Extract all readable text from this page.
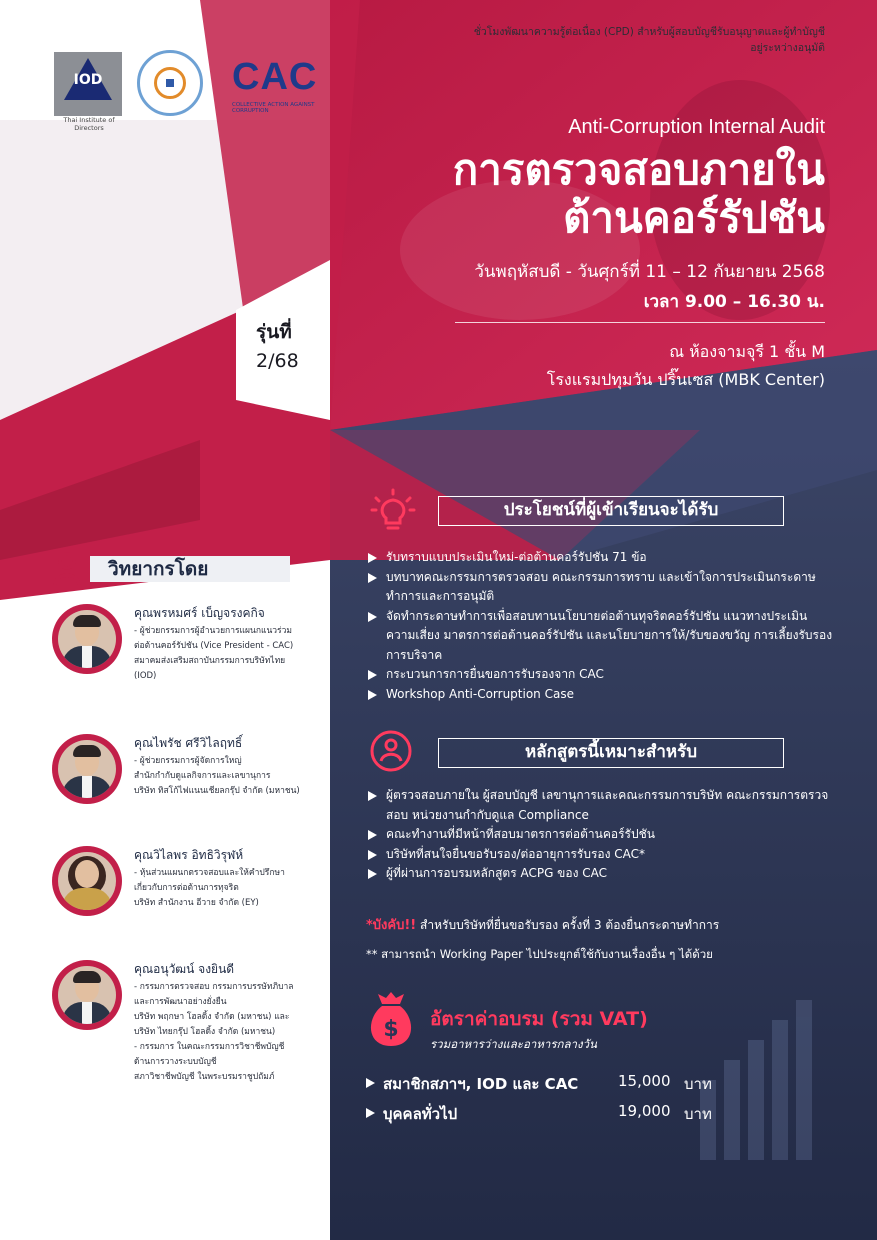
ชั่วโมงพัฒนาความรู้ต่อเนื่อง (CPD) สำหรับผู้สอบบัญชีรับอนุญาตและผู้ทำบัญชี
อยู่ระหว่างอนุมัติ
IOD
Thai Institute of Directors
CAC
COLLECTIVE ACTION AGAINST CORRUPTION
Anti-Corruption Internal Audit
การตรวจสอบภายใน
ต้านคอร์รัปชัน
วันพฤหัสบดี - วันศุกร์ที่ 11 – 12 กันยายน 2568
เวลา 9.00 – 16.30 น.
ณ ห้องจามจุรี 1 ชั้น M
โรงแรมปทุมวัน ปริ๊นเซส (MBK Center)
รุ่นที่
2/68
วิทยากรโดย
คุณพรหมศร์ เบ็ญจรงคกิจ
- ผู้ช่วยกรรมการผู้อำนวยการแผนกแนวร่วม
ต่อต้านคอร์รัปชัน (Vice President - CAC)
สมาคมส่งเสริมสถาบันกรรมการบริษัทไทย
(IOD)
คุณไพรัช ศรีวิไลฤทธิ์
- ผู้ช่วยกรรมการผู้จัดการใหญ่
สำนักกำกับดูแลกิจการและเลขานุการ
บริษัท ทิสโก้ไฟแนนเชียลกรุ๊ป จำกัด (มหาชน)
คุณวิไลพร อิทธิวิรุฬห์
- หุ้นส่วนแผนกตรวจสอบและให้คำปรึกษา
เกี่ยวกับการต่อต้านการทุจริต
บริษัท สำนักงาน อีวาย จำกัด (EY)
คุณอนุวัฒน์ จงยินดี
- กรรมการตรวจสอบ กรรมการบรรษัทภิบาล
และการพัฒนาอย่างยั่งยืน
บริษัท พฤกษา โฮลดิ้ง จำกัด (มหาชน) และ
บริษัท ไทยกรุ๊ป โฮลดิ้ง จำกัด (มหาชน)
- กรรมการ ในคณะกรรมการวิชาชีพบัญชี
ด้านการวางระบบบัญชี
สภาวิชาชีพบัญชี ในพระบรมราชูปถัมภ์
ประโยชน์ที่ผู้เข้าเรียนจะได้รับ
รับทราบแบบประเมินใหม่-ต่อต้านคอร์รัปชัน 71 ข้อ
บทบาทคณะกรรมการตรวจสอบ คณะกรรมการทราบ และเข้าใจการประเมินกระดาษทำการและการอนุมัติ
จัดทำกระดาษทำการเพื่อสอบทานนโยบายต่อต้านทุจริตคอร์รัปชัน แนวทางประเมินความเสี่ยง มาตรการต่อต้านคอร์รัปชัน และนโยบายการให้/รับของขวัญ การเลี้ยงรับรอง การบริจาค
กระบวนการการยื่นขอการรับรองจาก CAC
Workshop Anti-Corruption Case
หลักสูตรนี้เหมาะสำหรับ
ผู้ตรวจสอบภายใน ผู้สอบบัญชี เลขานุการและคณะกรรมการบริษัท คณะกรรมการตรวจสอบ หน่วยงานกำกับดูแล Compliance
คณะทำงานที่มีหน้าที่สอบมาตรการต่อต้านคอร์รัปชัน
บริษัทที่สนใจยื่นขอรับรอง/ต่ออายุการรับรอง CAC*
ผู้ที่ผ่านการอบรมหลักสูตร ACPG ของ CAC
*บังคับ!! สำหรับบริษัทที่ยื่นขอรับรอง ครั้งที่ 3 ต้องยื่นกระดาษทำการ
** สามารถนำ Working Paper ไปประยุกต์ใช้กับงานเรื่องอื่น ๆ ได้ด้วย
$ อัตราค่าอบรม (รวม VAT)
รวมอาหารว่างและอาหารกลางวัน
สมาชิกสภาฯ, IOD และ CAC	15,000 บาท
บุคคลทั่วไป	19,000 บาท
